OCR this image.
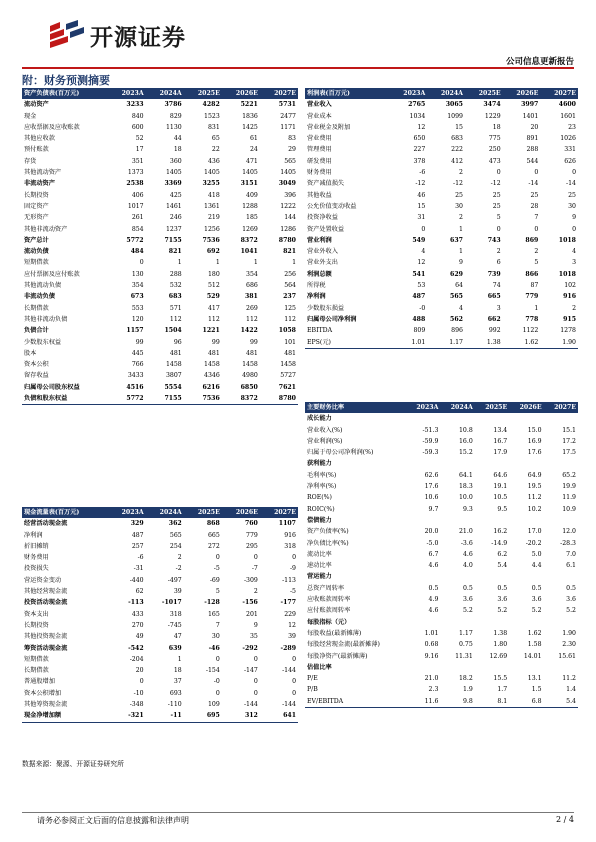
开源证券
公司信息更新报告
附：财务预测摘要
资产负债表(百万元)	2023A	2024A	2025E	2026E	2027E
流动资产	3233	3786	4282	5221	5731
现金	840	829	1523	1836	2477
应收票据及应收账款	600	1130	831	1425	1171
其他应收款	52	44	65	61	83
预付账款	17	18	22	24	29
存货	351	360	436	471	565
其他流动资产	1373	1405	1405	1405	1405
非流动资产	2538	3369	3255	3151	3049
长期投资	406	425	418	409	396
固定资产	1017	1461	1361	1288	1222
无形资产	261	246	219	185	144
其他非流动资产	854	1237	1256	1269	1286
资产总计	5772	7155	7536	8372	8780
流动负债	484	821	692	1041	821
短期借款	0	1	1	1	1
应付票据及应付账款	130	288	180	354	256
其他流动负债	354	532	512	686	564
非流动负债	673	683	529	381	237
长期借款	553	571	417	269	125
其他非流动负债	120	112	112	112	112
负债合计	1157	1504	1221	1422	1058
少数股东权益	99	96	99	99	101
股本	445	481	481	481	481
资本公积	766	1458	1458	1458	1458
留存收益	3433	3807	4346	4980	5727
归属母公司股东权益	4516	5554	6216	6850	7621
负债和股东权益	5772	7155	7536	8372	8780
利润表(百万元)	2023A	2024A	2025E	2026E	2027E
营业收入	2765	3065	3474	3997	4600
营业成本	1034	1099	1229	1401	1601
营业税金及附加	12	15	18	20	23
营业费用	650	683	775	891	1026
管理费用	227	222	250	288	331
研发费用	378	412	473	544	626
财务费用	-6	2	0	0	0
资产减值损失	-12	-12	-12	-14	-14
其他收益	46	25	25	25	25
公允价值变动收益	15	30	25	28	30
投资净收益	31	2	5	7	9
资产处置收益	0	1	0	0	0
营业利润	549	637	743	869	1018
营业外收入	4	1	2	2	4
营业外支出	12	9	6	5	3
利润总额	541	629	739	866	1018
所得税	53	64	74	87	102
净利润	487	565	665	779	916
少数股东损益	-0	4	3	1	2
归属母公司净利润	488	562	662	778	915
EBITDA	809	896	992	1122	1278
EPS(元)	1.01	1.17	1.38	1.62	1.90
主要财务比率	2023A	2024A	2025E	2026E	2027E
成长能力					
营业收入(%)	-51.3	10.8	13.4	15.0	15.1
营业利润(%)	-59.9	16.0	16.7	16.9	17.2
归属于母公司净利润(%)	-59.3	15.2	17.9	17.6	17.5
获利能力					
毛利率(%)	62.6	64.1	64.6	64.9	65.2
净利率(%)	17.6	18.3	19.1	19.5	19.9
ROE(%)	10.6	10.0	10.5	11.2	11.9
ROIC(%)	9.7	9.3	9.5	10.2	10.9
偿债能力					
资产负债率(%)	20.0	21.0	16.2	17.0	12.0
净负债比率(%)	-5.0	-3.6	-14.9	-20.2	-28.3
流动比率	6.7	4.6	6.2	5.0	7.0
速动比率	4.6	4.0	5.4	4.4	6.1
营运能力					
总资产周转率	0.5	0.5	0.5	0.5	0.5
应收账款周转率	4.9	3.6	3.6	3.6	3.6
应付账款周转率	4.6	5.2	5.2	5.2	5.2
每股指标（元）					
每股收益(最新摊薄)	1.01	1.17	1.38	1.62	1.90
每股经营现金流(最新摊薄)	0.68	0.75	1.80	1.58	2.30
每股净资产(最新摊薄)	9.16	11.31	12.69	14.01	15.61
估值比率					
P/E	21.0	18.2	15.5	13.1	11.2
P/B	2.3	1.9	1.7	1.5	1.4
EV/EBITDA	11.6	9.8	8.1	6.8	5.4
现金流量表(百万元)	2023A	2024A	2025E	2026E	2027E
经营活动现金流	329	362	868	760	1107
净利润	487	565	665	779	916
折旧摊销	257	254	272	295	318
财务费用	-6	2	0	0	0
投资损失	-31	-2	-5	-7	-9
营运资金变动	-440	-497	-69	-309	-113
其他经营现金流	62	39	5	2	-5
投资活动现金流	-113	-1017	-128	-156	-177
资本支出	433	318	165	201	229
长期投资	270	-745	7	9	12
其他投资现金流	49	47	30	35	39
筹资活动现金流	-542	639	-46	-292	-289
短期借款	-204	1	0	0	0
长期借款	20	18	-154	-147	-144
普通股增加	0	37	-0	0	0
资本公积增加	-10	693	0	0	0
其他筹资现金流	-348	-110	109	-144	-144
现金净增加额	-321	-11	695	312	641
数据来源：聚源、开源证券研究所
请务必参阅正文后面的信息披露和法律声明	2 / 4
